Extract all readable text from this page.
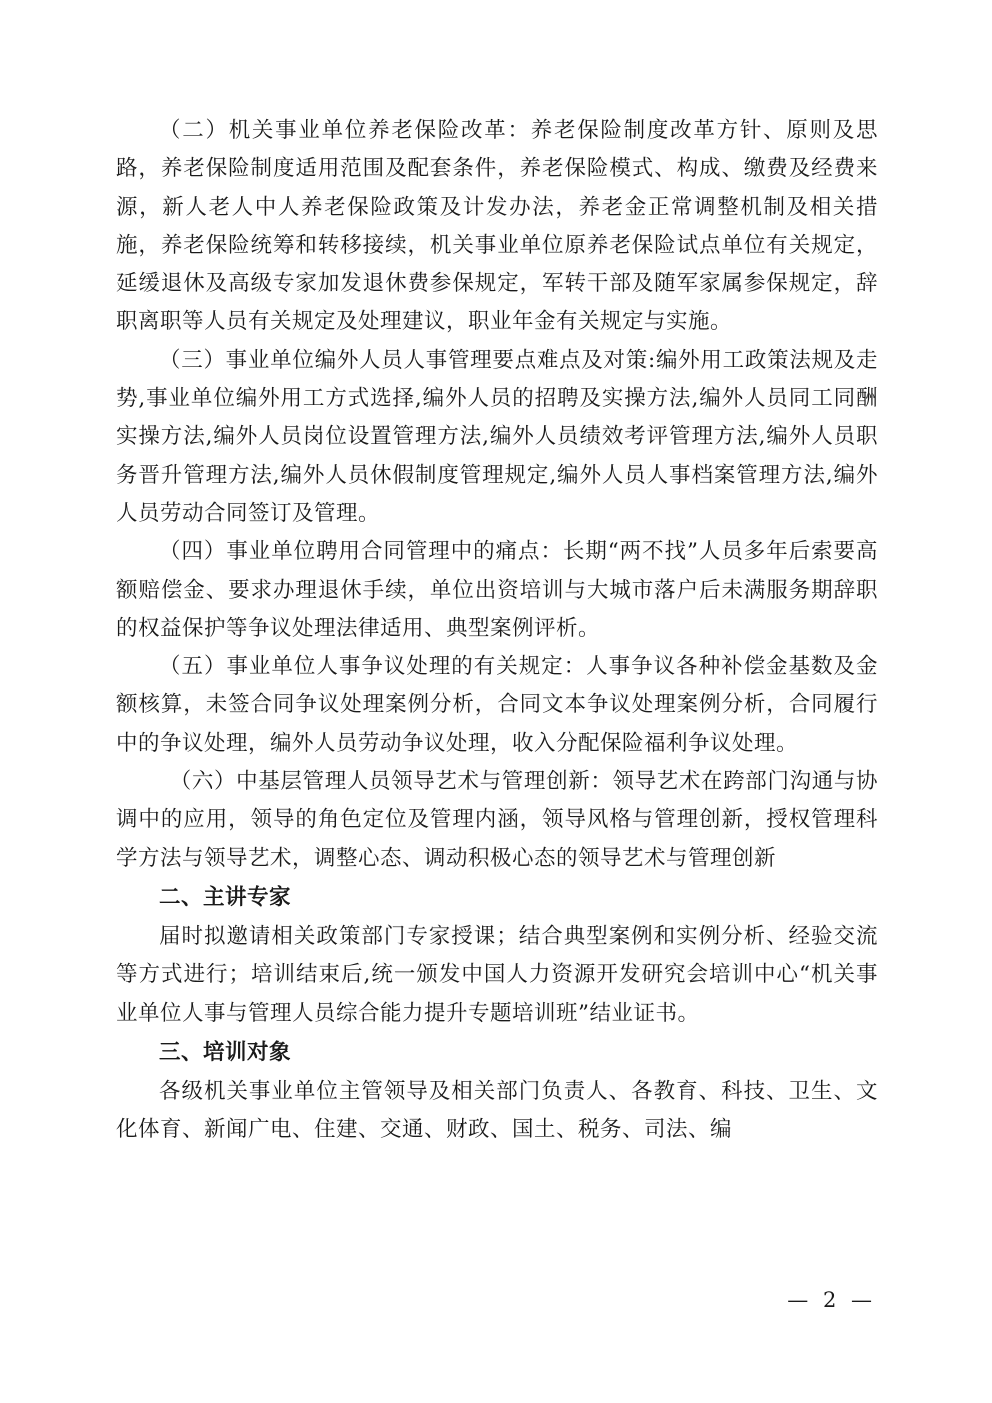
（二）机关事业单位养老保险改革：养老保险制度改革方针、原则及思路，养老保险制度适用范围及配套条件，养老保险模式、构成、缴费及经费来源，新人老人中人养老保险政策及计发办法，养老金正常调整机制及相关措施，养老保险统筹和转移接续，机关事业单位原养老保险试点单位有关规定，延缓退休及高级专家加发退休费参保规定，军转干部及随军家属参保规定，辞职离职等人员有关规定及处理建议，职业年金有关规定与实施。

（三）事业单位编外人员人事管理要点难点及对策:编外用工政策法规及走势,事业单位编外用工方式选择,编外人员的招聘及实操方法,编外人员同工同酬实操方法,编外人员岗位设置管理方法,编外人员绩效考评管理方法,编外人员职务晋升管理方法,编外人员休假制度管理规定,编外人员人事档案管理方法,编外人员劳动合同签订及管理。

（四）事业单位聘用合同管理中的痛点：长期“两不找”人员多年后索要高额赔偿金、要求办理退休手续，单位出资培训与大城市落户后未满服务期辞职的权益保护等争议处理法律适用、典型案例评析。

（五）事业单位人事争议处理的有关规定：人事争议各种补偿金基数及金额核算，未签合同争议处理案例分析，合同文本争议处理案例分析，合同履行中的争议处理，编外人员劳动争议处理，收入分配保险福利争议处理。

（六）中基层管理人员领导艺术与管理创新：领导艺术在跨部门沟通与协调中的应用，领导的角色定位及管理内涵，领导风格与管理创新，授权管理科学方法与领导艺术，调整心态、调动积极心态的领导艺术与管理创新

二、主讲专家

届时拟邀请相关政策部门专家授课；结合典型案例和实例分析、经验交流等方式进行；培训结束后,统一颁发中国人力资源开发研究会培训中心“机关事业单位人事与管理人员综合能力提升专题培训班”结业证书。

三、培训对象

各级机关事业单位主管领导及相关部门负责人、各教育、科技、卫生、文化体育、新闻广电、住建、交通、财政、国土、税务、司法、编

— 2 —
